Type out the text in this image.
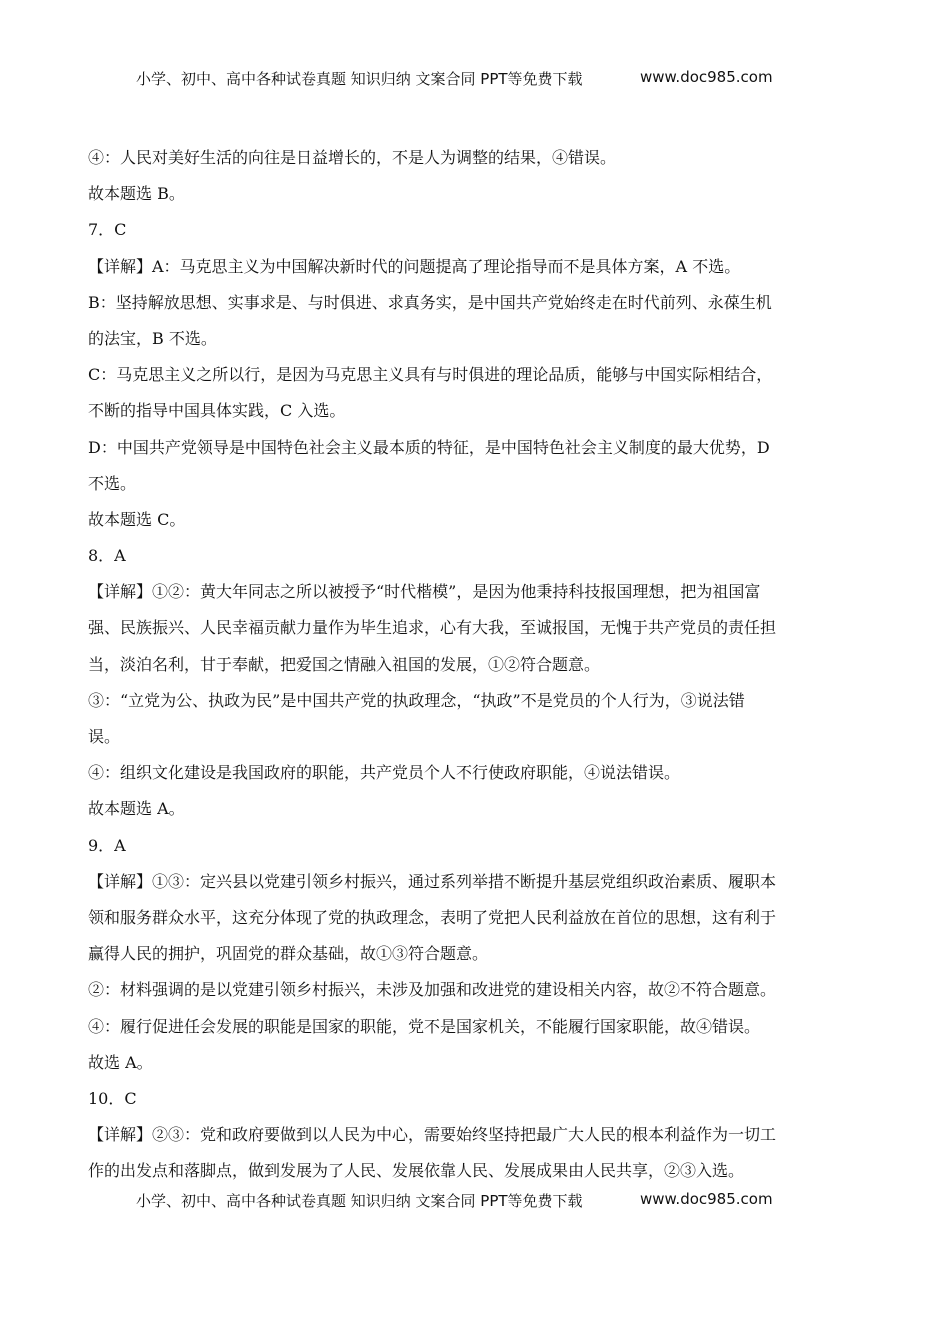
小学、初中、高中各种试卷真题 知识归纳 文案合同 PPT等免费下载	www.doc985.com
④：人民对美好生活的向往是日益增长的，不是人为调整的结果，④错误。
故本题选 B。
7．C
【详解】A：马克思主义为中国解决新时代的问题提高了理论指导而不是具体方案，A 不选。
B：坚持解放思想、实事求是、与时俱进、求真务实，是中国共产党始终走在时代前列、永葆生机
的法宝，B 不选。
C：马克思主义之所以行，是因为马克思主义具有与时俱进的理论品质，能够与中国实际相结合，
不断的指导中国具体实践，C 入选。
D：中国共产党领导是中国特色社会主义最本质的特征，是中国特色社会主义制度的最大优势，D
不选。
故本题选 C。
8．A
【详解】①②：黄大年同志之所以被授予“时代楷模”，是因为他秉持科技报国理想，把为祖国富
强、民族振兴、人民幸福贡献力量作为毕生追求，心有大我，至诚报国，无愧于共产党员的责任担
当，淡泊名利，甘于奉献，把爱国之情融入祖国的发展，①②符合题意。
③：“立党为公、执政为民”是中国共产党的执政理念，“执政”不是党员的个人行为，③说法错
误。
④：组织文化建设是我国政府的职能，共产党员个人不行使政府职能，④说法错误。
故本题选 A。
9．A
【详解】①③：定兴县以党建引领乡村振兴，通过系列举措不断提升基层党组织政治素质、履职本
领和服务群众水平，这充分体现了党的执政理念，表明了党把人民利益放在首位的思想，这有利于
赢得人民的拥护，巩固党的群众基础，故①③符合题意。
②：材料强调的是以党建引领乡村振兴，未涉及加强和改进党的建设相关内容，故②不符合题意。
④：履行促进任会发展的职能是国家的职能，党不是国家机关，不能履行国家职能，故④错误。
故选 A。
10．C
【详解】②③：党和政府要做到以人民为中心，需要始终坚持把最广大人民的根本利益作为一切工
作的出发点和落脚点，做到发展为了人民、发展依靠人民、发展成果由人民共享，②③入选。
小学、初中、高中各种试卷真题 知识归纳 文案合同 PPT等免费下载	www.doc985.com
